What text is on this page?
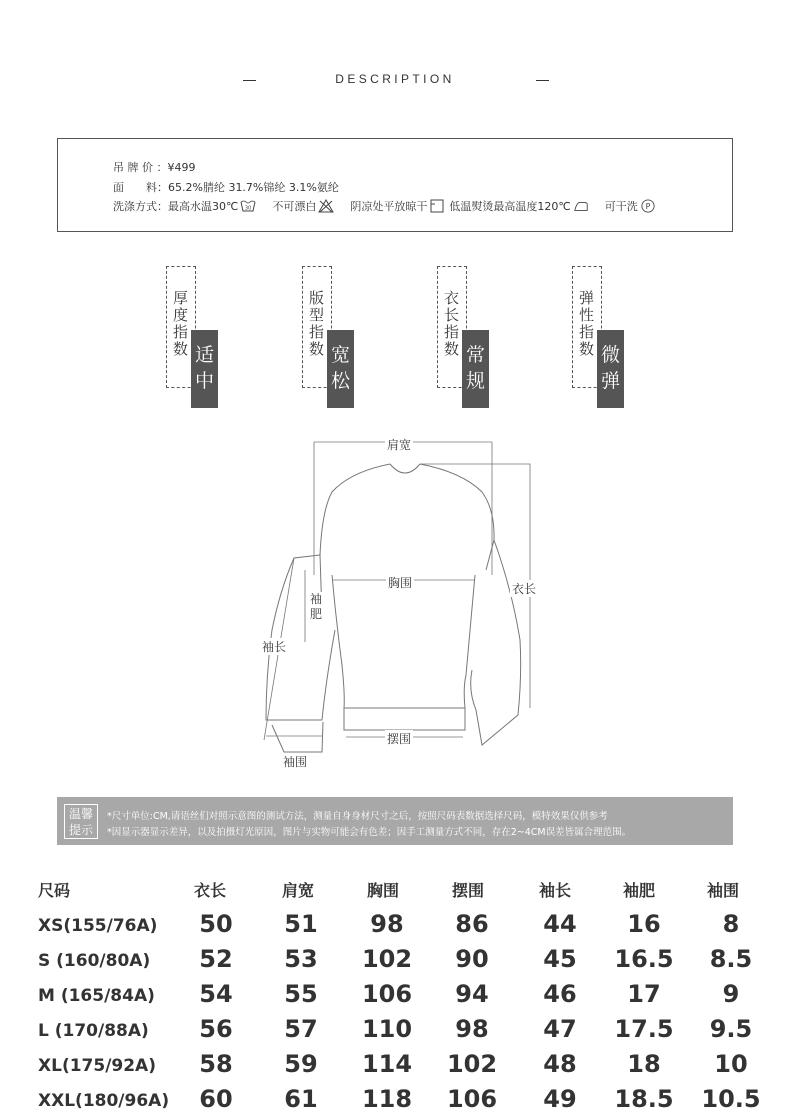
DESCRIPTION
吊 牌 价 ：¥499
面　　料：65.2%腈纶 31.7%锦纶 3.1%氨纶
洗涤方式：最高水温30℃ 30 不可漂白	阴凉处平放晾干 低温熨烫最高温度120℃	可干洗 P
厚度指数 适中
版型指数 宽松
衣长指数 常规
弹性指数 微弹
肩宽
胸围	衣长
袖
肥
袖长
摆围
袖围
温馨提示
*尺寸单位:CM,请语丝们对照示意图的测试方法，测量自身身材尺寸之后，按照尺码表数据选择尺码，模特效果仅供参考
*因显示器显示差异，以及拍摄灯光原因，图片与实物可能会有色差；因手工测量方式不同，存在2~4CM误差皆属合理范围。
尺码	衣长	肩宽	胸围	摆围	袖长	袖肥	袖围
XS(155/76A)	50	51	98	86	44	16	8
S (160/80A)	52	53	102	90	45	16.5	8.5
M (165/84A)	54	55	106	94	46	17	9
L (170/88A)	56	57	110	98	47	17.5	9.5
XL(175/92A)	58	59	114	102	48	18	10
XXL(180/96A)	60	61	118	106	49	18.5	10.5
